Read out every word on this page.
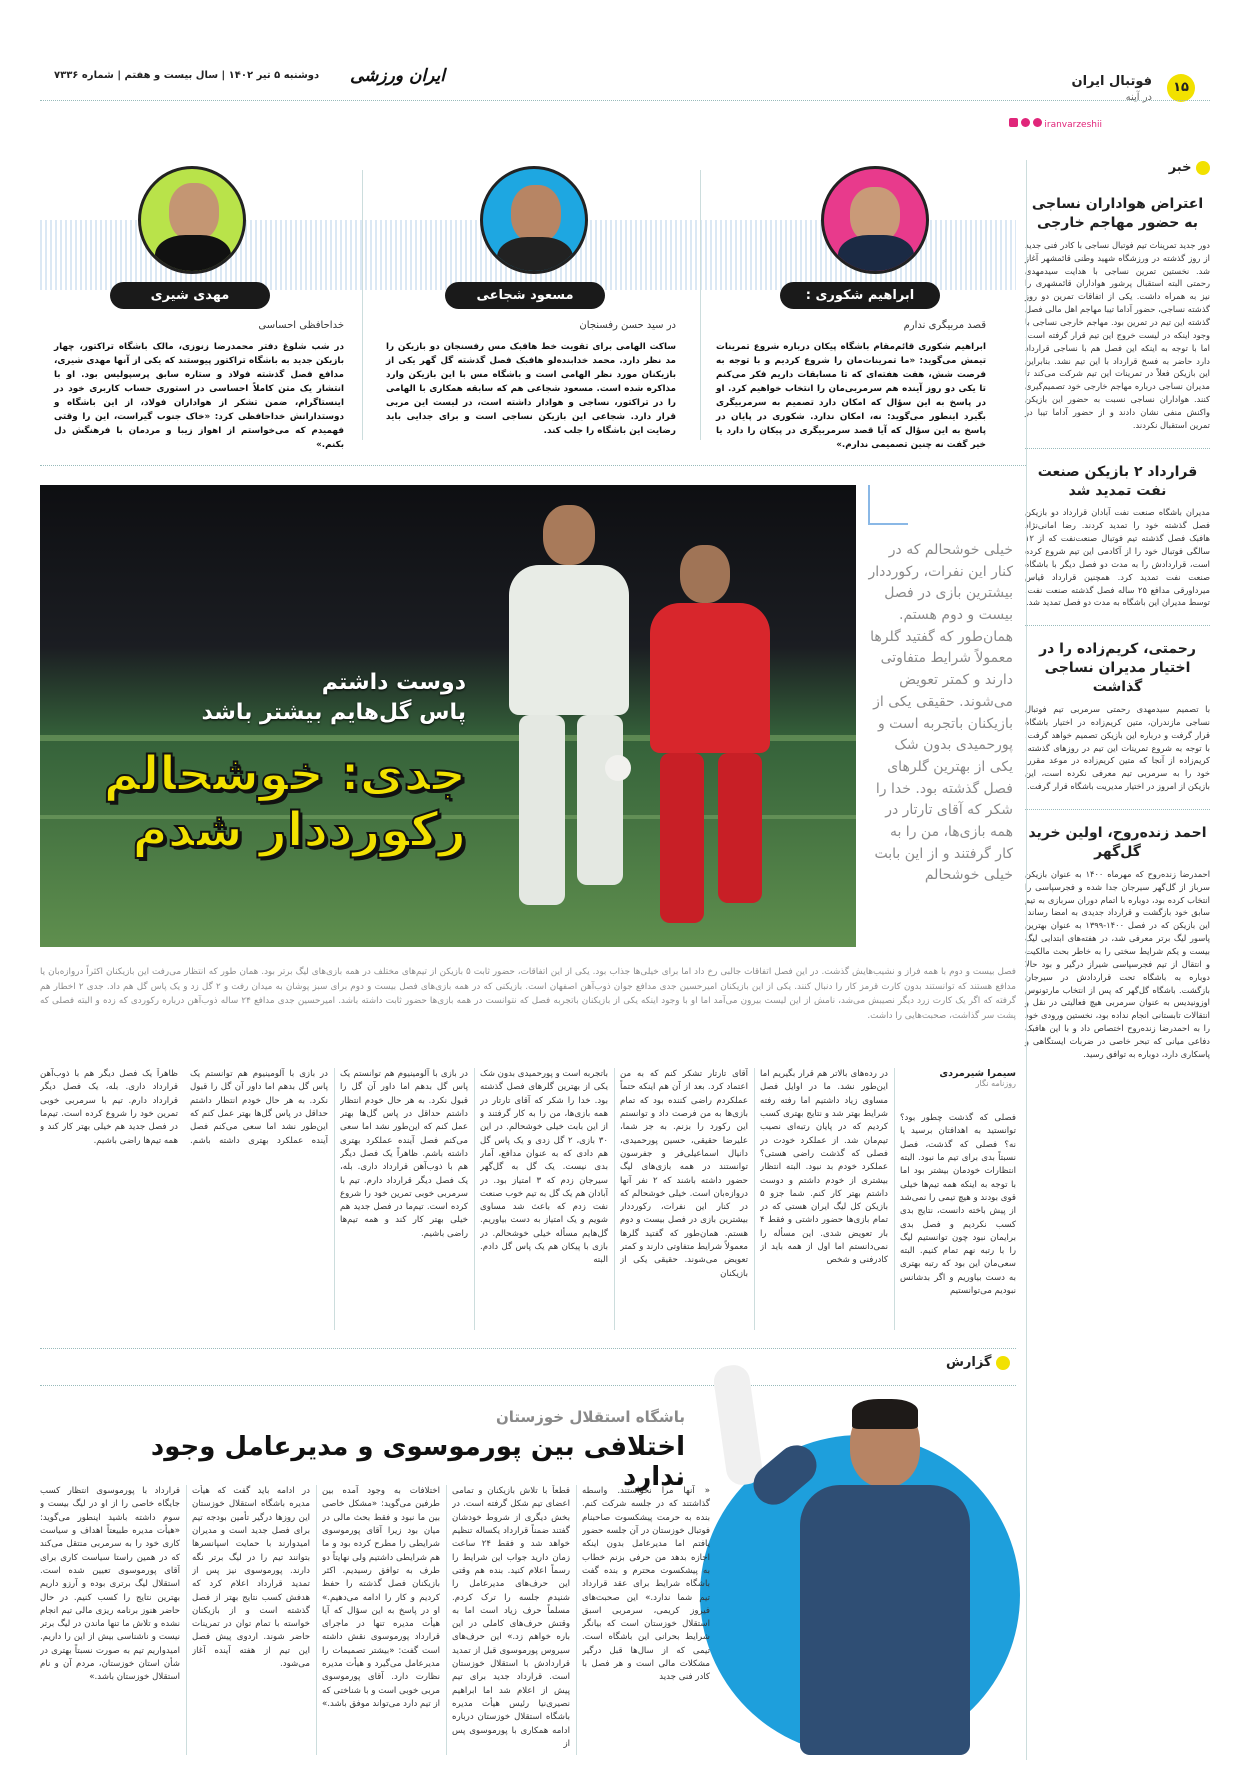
۱۵
فوتبال ایران
در آینه
iranvarzeshii
ایران ورزشی
دوشنبه ۵ تیر ۱۴۰۲ | سال بیست و هفتم | شماره ۷۳۳۶
خبر
اعتراض هواداران نساجی به حضور مهاجم خارجی
دور جدید تمرینات تیم فوتبال نساجی با کادر فنی جدید از روز گذشته در ورزشگاه شهید وطنی قائمشهر آغاز شد. نخستین تمرین نساجی با هدایت سیدمهدی رحمتی البته استقبال پرشور هواداران قائمشهری را نیز به همراه داشت. یکی از اتفاقات تمرین دو روز گذشته نساجی، حضور آداما تیبا مهاجم اهل مالی فصل گذشته این تیم در تمرین بود. مهاجم خارجی نساجی با وجود اینکه در لیست خروج این تیم قرار گرفته است، اما با توجه به اینکه این فصل هم با نساجی قرارداد دارد حاضر به فسخ قرارداد با این تیم نشد. بنابراین این بازیکن فعلاً در تمرینات این تیم شرکت می‌کند تا مدیران نساجی درباره مهاجم خارجی خود تصمیم‌گیری کنند. هواداران نساجی نسبت به حضور این بازیکن واکنش منفی نشان دادند و از حضور آداما تیبا در تمرین استقبال نکردند.
قرارداد ۲ بازیکن صنعت نفت تمدید شد
مدیران باشگاه صنعت نفت آبادان قرارداد دو بازیکن فصل گذشته خود را تمدید کردند. رضا امانی‌نژاد هافبک فصل گذشته تیم فوتبال صنعت‌نفت که از ۱۲ سالگی فوتبال خود را از آکادمی این تیم شروع کرده است، قراردادش را به مدت دو فصل دیگر با باشگاه صنعت نفت تمدید کرد. همچنین قرارداد قیاس میرداورقی مدافع ۲۵ ساله فصل گذشته صنعت نفت، توسط مدیران این باشگاه به مدت دو فصل تمدید شد.
رحمتی، کریم‌زاده را در اختیار مدیران نساجی گذاشت
با تصمیم سیدمهدی رحمتی سرمربی تیم فوتبال نساجی مازندران، متین کریم‌زاده در اختیار باشگاه قرار گرفت و درباره این بازیکن تصمیم خواهد گرفت. با توجه به شروع تمرینات این تیم در روزهای گذشته، کریم‌زاده از آنجا که متین کریم‌زاده در موعد مقرر، خود را به سرمربی تیم معرفی نکرده است، این بازیکن از امروز در اختیار مدیریت باشگاه قرار گرفت.
احمد زنده‌روح، اولین خرید گل‌گهر
احمدرضا زنده‌روح که مهرماه ۱۴۰۰ به عنوان بازیکن سرباز از گل‌گهر سیرجان جدا شده و فجرسپاسی را انتخاب کرده بود، دوباره با اتمام دوران سربازی به تیم سابق خود بازگشت و قرارداد جدیدی به امضا رساند. این بازیکن که در فصل ۱۴۰۰-۱۳۹۹ به عنوان بهترین پاسور لیگ برتر معرفی شد، در هفته‌های ابتدایی لیگ بیست و یکم شرایط سختی را به خاطر بحث مالکیت و انتقال از تیم فجرسپاسی شیراز درگیر و بود حالا دوباره به باشگاه تحت قراردادش در سیرجان بازگشت. باشگاه گل‌گهر که پس از انتخاب مارتونوس اوزونیدیس به عنوان سرمربی هیچ فعالیتی در نقل و انتقالات تابستانی انجام نداده بود، نخستین ورودی خود را به احمدرضا زنده‌روح اختصاص داد و با این هافبک دفاعی میانی که تبحر خاصی در ضربات ایستگاهی و پاسکاری دارد، دوباره به توافق رسید.
ابراهیم شکوری :
قصد مربیگری ندارم
ابراهیم شکوری قائم‌مقام باشگاه پیکان درباره شروع تمرینات تیمش می‌گوید: «ما تمرینات‌مان را شروع کردیم و با توجه به فرصت شش، هفت هفته‌ای که تا مسابقات داریم فکر می‌کنم تا یکی دو روز آینده هم سرمربی‌مان را انتخاب خواهیم کرد. او در پاسخ به این سؤال که امکان دارد تصمیم به سرمربیگری بگیرد اینطور می‌گوید: نه، امکان ندارد. شکوری در پایان در پاسخ به این سؤال که آیا قصد سرمربیگری در پیکان را دارد یا خیر گفت نه چنین تصمیمی ندارم.»
مسعود شجاعی
در سید حسن رفسنجان
ساکت الهامی برای تقویت خط هافبک مس رفسنجان دو بازیکن را مد نظر دارد. محمد خدابنده‌لو هافبک فصل گذشته گل گهر یکی از بازیکنان مورد نظر الهامی است و باشگاه مس با این بازیکن وارد مذاکره شده است. مسعود شجاعی هم که سابقه همکاری با الهامی را در تراکتور، نساجی و هوادار داشته است، در لیست این مربی قرار دارد. شجاعی این بازیکن نساجی است و برای جدایی باید رضایت این باشگاه را جلب کند.
مهدی شیری
خداحافظی احساسی
در شب شلوغ دفتر محمدرضا زنوزی، مالک باشگاه تراکتور، چهار بازیکن جدید به باشگاه تراکتور پیوستند که یکی از آنها مهدی شیری، مدافع فصل گذشته فولاد و ستاره سابق پرسپولیس بود. او با انتشار یک متن کاملاً احساسی در استوری حساب کاربری خود در اینستاگرام، ضمن تشکر از هواداران فولاد، از این باشگاه و دوستدارانش خداحافظی کرد: «خاک جنوب گیراست، این را وقتی فهمیدم که می‌خواستم از اهواز زیبا و مردمان با فرهنگش دل بکنم.»
دوست داشتم
پاس گل‌هایم بیشتر باشد
جدی: خوشحالم
رکورددار شدم
خیلی خوشحالم که در کنار این نفرات، رکورددار بیشترین بازی در فصل بیست و دوم هستم. همان‌طور که گفتید گلرها معمولاً شرایط متفاوتی دارند و کمتر تعویض می‌شوند. حقیقی یکی از بازیکنان باتجربه است و پورحمیدی بدون شک یکی از بهترین گلرهای فصل گذشته بود. خدا را شکر که آقای تارتار در همه بازی‌ها، من را به کار گرفتند و از این بابت خیلی خوشحالم
فصل بیست و دوم با همه فراز و نشیب‌هایش گذشت. در این فصل اتفاقات جالبی رخ داد اما برای خیلی‌ها جذاب بود. یکی از این اتفاقات، حضور ثابت ۵ بازیکن از تیم‌های مختلف در همه بازی‌های لیگ برتر بود. همان طور که انتظار می‌رفت این بازیکنان اکثراً دروازه‌بان یا مدافع هستند که توانستند بدون کارت قرمز کار را دنبال کنند. یکی از این بازیکنان امیرحسین جدی مدافع جوان ذوب‌آهن اصفهان است. بازیکنی که در همه بازی‌های فصل بیست و دوم برای سبز پوشان به میدان رفت و ۲ گل زد و یک پاس گل هم داد. جدی ۲ اخطار هم گرفته که اگر یک کارت زرد دیگر نصیبش می‌شد، نامش از این لیست بیرون می‌آمد اما او با وجود اینکه یکی از بازیکنان باتجربه فصل که نتوانست در همه بازی‌ها حضور ثابت داشته باشد. امیرحسین جدی مدافع ۲۴ ساله ذوب‌آهن درباره رکوردی که زده و البته فصلی که پشت سر گذاشت، صحبت‌هایی را داشت.
سیمرا شیرمردی
روزنامه نگار
فصلی که گذشت چطور بود؟ توانستید به اهدافتان برسید یا نه؟ فصلی که گذشت، فصل نسبتاً بدی برای تیم ما نبود. البته انتظارات خودمان بیشتر بود اما با توجه به اینکه همه تیم‌ها خیلی قوی بودند و هیچ تیمی را نمی‌شد از پیش باخته دانست، نتایج بدی کسب نکردیم و فصل بدی برایمان نبود چون توانستیم لیگ را با رتبه نهم تمام کنیم. البته سعی‌مان این بود که رتبه بهتری به دست بیاوریم و اگر بدشانس نبودیم می‌توانستیم
در رده‌های بالاتر هم قرار بگیریم اما این‌طور نشد. ما در اوایل فصل مساوی زیاد داشتیم اما رفته رفته شرایط بهتر شد و نتایج بهتری کسب کردیم که در پایان رتبه‌ای نصیب تیم‌مان شد. از عملکرد خودت در فصلی که گذشت راضی هستی؟ عملکرد خودم بد نبود. البته انتظار بیشتری از خودم داشتم و دوست داشتم بهتر کار کنم. شما جزو ۵ بازیکن کل لیگ ایران هستی که در تمام بازی‌ها حضور داشتی و فقط ۴ بار تعویض شدی. این مسأله را نمی‌دانستم اما اول از همه باید از کادرفنی و شخص
آقای تارتار تشکر کنم که به من اعتماد کرد. بعد از آن هم اینکه حتماً عملکردم راضی کننده بود که تمام بازی‌ها به من فرصت داد و توانستم این رکورد را بزنم. به جز شما، علیرضا حقیقی، حسین پورحمیدی، دانیال اسماعیلی‌فر و جفرسون توانستند در همه بازی‌های لیگ حضور داشته باشند که ۲ نفر آنها دروازه‌بان است. خیلی خوشحالم که در کنار این نفرات، رکورددار بیشترین بازی در فصل بیست و دوم هستم. همان‌طور که گفتید گلرها معمولاً شرایط متفاوتی دارند و کمتر تعویض می‌شوند. حقیقی یکی از بازیکنان
باتجربه است و پورحمیدی بدون شک یکی از بهترین گلرهای فصل گذشته بود. خدا را شکر که آقای تارتار در همه بازی‌ها، من را به کار گرفتند و از این بابت خیلی خوشحالم. در این ۳۰ بازی، ۲ گل زدی و یک پاس گل هم دادی که به عنوان مدافع، آمار بدی نیست. یک گل به گل‌گهر سیرجان زدم که ۳ امتیاز بود. در آبادان هم یک گل به تیم خوب صنعت نفت زدم که باعث شد مساوی شویم و یک امتیاز به دست بیاوریم. گل‌هایم مسأله خیلی خوشحالم. در بازی با پیکان هم یک پاس گل دادم. البته
در بازی با آلومینیوم هم توانستم یک پاس گل بدهم اما داور آن گل را قبول نکرد. به هر حال خودم انتظار داشتم حداقل در پاس گل‌ها بهتر عمل کنم که این‌طور نشد اما سعی می‌کنم فصل آینده عملکرد بهتری داشته باشم. ظاهراً یک فصل دیگر هم با ذوب‌آهن قرارداد داری. بله، یک فصل دیگر قرارداد دارم. تیم با سرمربی خوبی تمرین خود را شروع کرده است. تیم‌ما در فصل جدید هم خیلی بهتر کار کند و همه تیم‌ها راضی باشیم.
در بازی با آلومینیوم هم توانستم یک پاس گل بدهم اما داور آن گل را قبول نکرد. به هر حال خودم انتظار داشتم حداقل در پاس گل‌ها بهتر عمل کنم که این‌طور نشد اما سعی می‌کنم فصل آینده عملکرد بهتری داشته باشم. ظاهراً یک فصل دیگر هم با ذوب‌آهن قرارداد داری. بله، یک فصل دیگر قرارداد دارم. تیم با سرمربی خوبی تمرین خود را شروع کرده است. تیم‌ما در فصل جدید هم خیلی بهتر کار کند و همه تیم‌ها راضی باشیم.
گزارش
باشگاه استقلال خوزستان
اختلافی بین پورموسوی و مدیرعامل وجود ندارد
« آنها مرا نخواستند. واسطه گذاشتند که در جلسه شرکت کنم. بنده به حرمت پیشکسوت صاحبنام فوتبال خوزستان در آن جلسه حضور یافتم اما مدیرعامل بدون اینکه اجازه بدهد من حرفی بزنم خطاب به پیشکسوت محترم و بنده گفت باشگاه شرایط برای عقد قرارداد تیم شما ندارد.» این صحبت‌های فیروز کریمی، سرمربی اسبق استقلال خوزستان است که بیانگر شرایط بحرانی این باشگاه است. تیمی که از سال‌ها قبل درگیر مشکلات مالی است و هر فصل با کادر فنی جدید
قطعاً با تلاش بازیکنان و تمامی اعضای تیم شکل گرفته است. در بخش دیگری از شروط خودشان گفتند ضمناً قرارداد یکساله تنظیم خواهد شد و فقط ۲۴ ساعت زمان دارید جواب این شرایط را رسماً اعلام کنید. بنده هم وقتی این حرف‌های مدیرعامل را شنیدم جلسه را ترک کردم. مسلماً حرف زیاد است اما به وقتش حرف‌های کاملی در این باره خواهم زد.» این حرف‌های سیروس پورموسوی قبل از تمدید قراردادش با استقلال خوزستان است. قرارداد جدید برای تیم پیش از اعلام شد اما ابراهیم نصیری‌نیا رئیس هیأت مدیره باشگاه استقلال خوزستان درباره ادامه همکاری با پورموسوی پس از
اختلافات به وجود آمده بین طرفین می‌گوید: «مشکل خاصی بین ما نبود و فقط بحث مالی در میان بود زیرا آقای پورموسوی شرایطی را مطرح کرده بود و ما هم شرایطی داشتیم ولی نهایتاً دو طرف به توافق رسیدیم. اکثر بازیکنان فصل گذشته را حفظ کردیم و کار را ادامه می‌دهیم.» او در پاسخ به این سؤال که آیا هیأت مدیره تنها در ماجرای قرارداد پورموسوی نقش داشته است گفت: «بیشتر تصمیمات را مدیرعامل می‌گیرد و هیأت مدیره نظارت دارد. آقای پورموسوی مربی خوبی است و با شناختی که از تیم دارد می‌تواند موفق باشد.»
در ادامه باید گفت که هیأت مدیره باشگاه استقلال خوزستان این روزها درگیر تأمین بودجه تیم برای فصل جدید است و مدیران امیدوارند با حمایت اسپانسرها بتوانند تیم را در لیگ برتر نگه دارند. پورموسوی نیز پس از تمدید قرارداد اعلام کرد که هدفش کسب نتایج بهتر از فصل گذشته است و از بازیکنان خواسته با تمام توان در تمرینات حاضر شوند. اردوی پیش فصل این تیم از هفته آینده آغاز می‌شود.
قرارداد با پورموسوی انتظار کسب جایگاه خاصی را از او در لیگ بیست و سوم داشته باشید اینطور می‌گوید: «هیأت مدیره طبیعتاً اهداف و سیاست کاری خود را به سرمربی منتقل می‌کند که در همین راستا سیاست کاری برای آقای پورموسوی تعیین شده است. استقلال لیگ برتری بوده و آرزو داریم بهترین نتایج را کسب کنیم. در حال حاضر هنوز برنامه ریزی مالی تیم انجام نشده و تلاش ما تنها ماندن در لیگ برتر نیست و ناشناسی بیش از این را داریم. امیدواریم تیم به صورت نسبتاً بهتری در شأن استان خوزستان، مردم آن و نام استقلال خوزستان باشد.»
